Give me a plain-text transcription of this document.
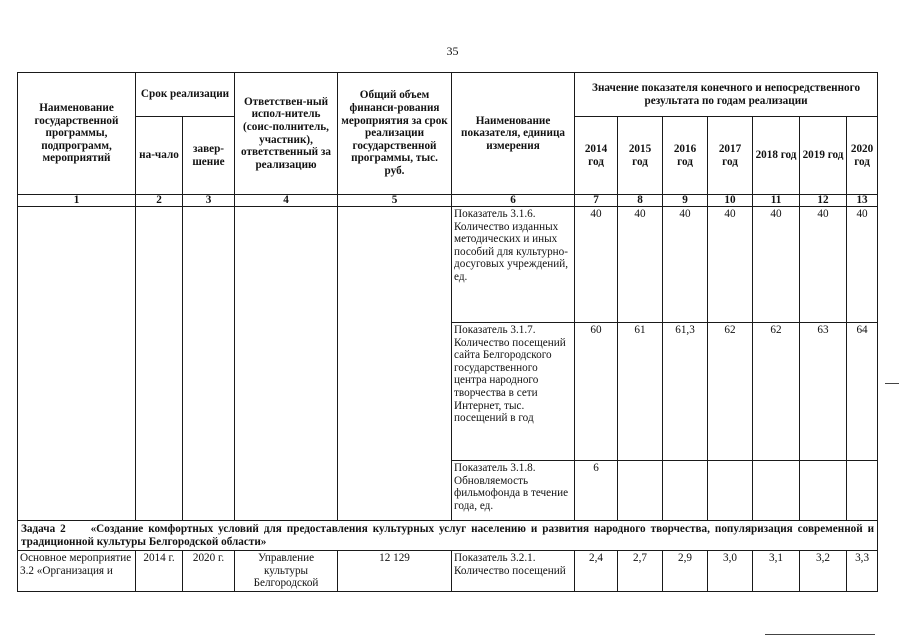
35
Наименование государственной программы, подпрограмм, мероприятий	Срок реализации		Ответствен-ный испол-нитель (соис-полнитель, участник), ответственный за реализацию	Общий объем финанси-рования мероприятия за срок реализации государственной программы, тыс. руб.	Наименование показателя, единица измерения	Значение показателя конечного и непосредственного результата по годам реализации						
	на-чало	завер-шение				2014 год	2015 год	2016 год	2017 год	2018 год	2019 год	2020 год
1	2	3	4	5	6	7	8	9	10	11	12	13
					Показатель 3.1.6. Количество изданных методических и иных пособий для культурно-досуговых учреждений, ед.	40	40	40	40	40	40	40
					Показатель 3.1.7. Количество посещений сайта Белгородского государственного центра народного творчества в сети Интернет, тыс. посещений в год	60	61	61,3	62	62	63	64
					Показатель 3.1.8. Обновляемость фильмофонда в течение года, ед.	6						
Задача 2 «Создание комфортных условий для предоставления культурных услуг населению и развития народного творчества, популяризация современной и традиционной культуры Белгородской области»												
Основное мероприятие 3.2 «Организация и	2014 г.	2020 г.	Управление культуры Белгородской	12 129	Показатель 3.2.1. Количество посещений	2,4	2,7	2,9	3,0	3,1	3,2	3,3
